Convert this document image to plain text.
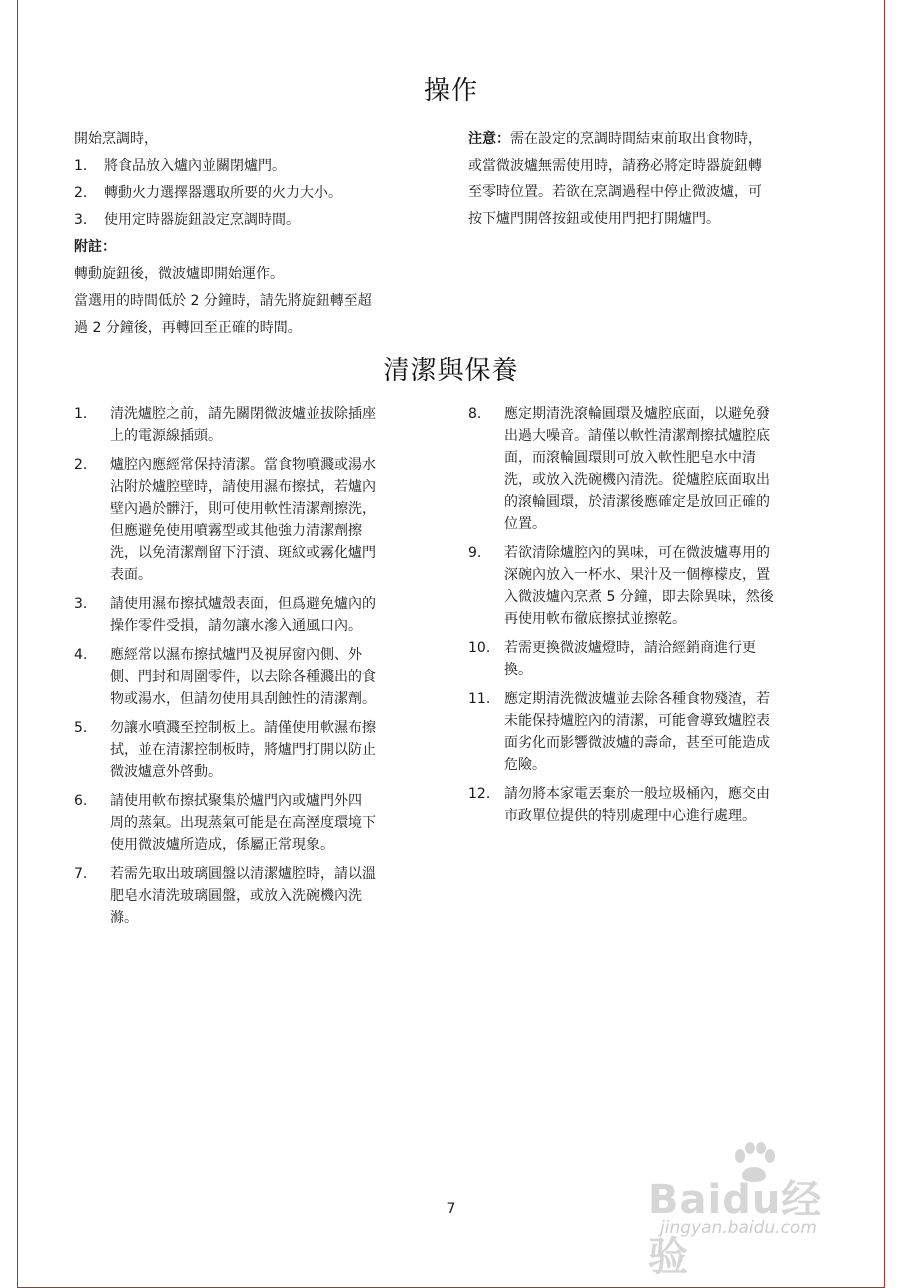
操作
開始烹調時，
1. 將食品放入爐內並關閉爐門。
2. 轉動火力選擇器選取所要的火力大小。
3. 使用定時器旋鈕設定烹調時間。
附註：
轉動旋鈕後，微波爐即開始運作。
當選用的時間低於 2 分鐘時，請先將旋鈕轉至超
過 2 分鐘後，再轉回至正確的時間。
注意：需在設定的烹調時間結束前取出食物時，
或當微波爐無需使用時，請務必將定時器旋鈕轉
至零時位置。若欲在烹調過程中停止微波爐，可
按下爐門開啓按鈕或使用門把打開爐門。
清潔與保養
1. 清洗爐腔之前，請先關閉微波爐並拔除插座
上的電源線插頭。
2. 爐腔內應經常保持清潔。當食物噴濺或湯水
沾附於爐腔壁時，請使用濕布擦拭，若爐內
壁內過於髒汙，則可使用軟性清潔劑擦洗，
但應避免使用噴霧型或其他強力清潔劑擦
洗，以免清潔劑留下汙漬、斑紋或霧化爐門
表面。
3. 請使用濕布擦拭爐殼表面，但爲避免爐內的
操作零件受損，請勿讓水滲入通風口內。
4. 應經常以濕布擦拭爐門及視屏窗內側、外
側、門封和周圍零件，以去除各種濺出的食
物或湯水，但請勿使用具刮蝕性的清潔劑。
5. 勿讓水噴濺至控制板上。請僅使用軟濕布擦
拭，並在清潔控制板時，將爐門打開以防止
微波爐意外啓動。
6. 請使用軟布擦拭聚集於爐門內或爐門外四
周的蒸氣。出現蒸氣可能是在高溼度環境下
使用微波爐所造成，係屬正常現象。
7. 若需先取出玻璃圓盤以清潔爐腔時，請以溫
肥皂水清洗玻璃圓盤，或放入洗碗機內洗
滌。
8. 應定期清洗滾輪圓環及爐腔底面，以避免發
出過大噪音。請僅以軟性清潔劑擦拭爐腔底
面，而滾輪圓環則可放入軟性肥皂水中清
洗，或放入洗碗機內清洗。從爐腔底面取出
的滾輪圓環，於清潔後應確定是放回正確的
位置。
9. 若欲清除爐腔內的異味，可在微波爐專用的
深碗內放入一杯水、果汁及一個檸檬皮，置
入微波爐內烹煮 5 分鐘，即去除異味，然後
再使用軟布徹底擦拭並擦乾。
10. 若需更換微波爐燈時，請洽經銷商進行更
換。
11. 應定期清洗微波爐並去除各種食物殘渣，若
未能保持爐腔內的清潔，可能會導致爐腔表
面劣化而影響微波爐的壽命，甚至可能造成
危險。
12. 請勿將本家電丟棄於一般垃圾桶內，應交由
市政單位提供的特別處理中心進行處理。
7	Baidu经验
jingyan.baidu.com
